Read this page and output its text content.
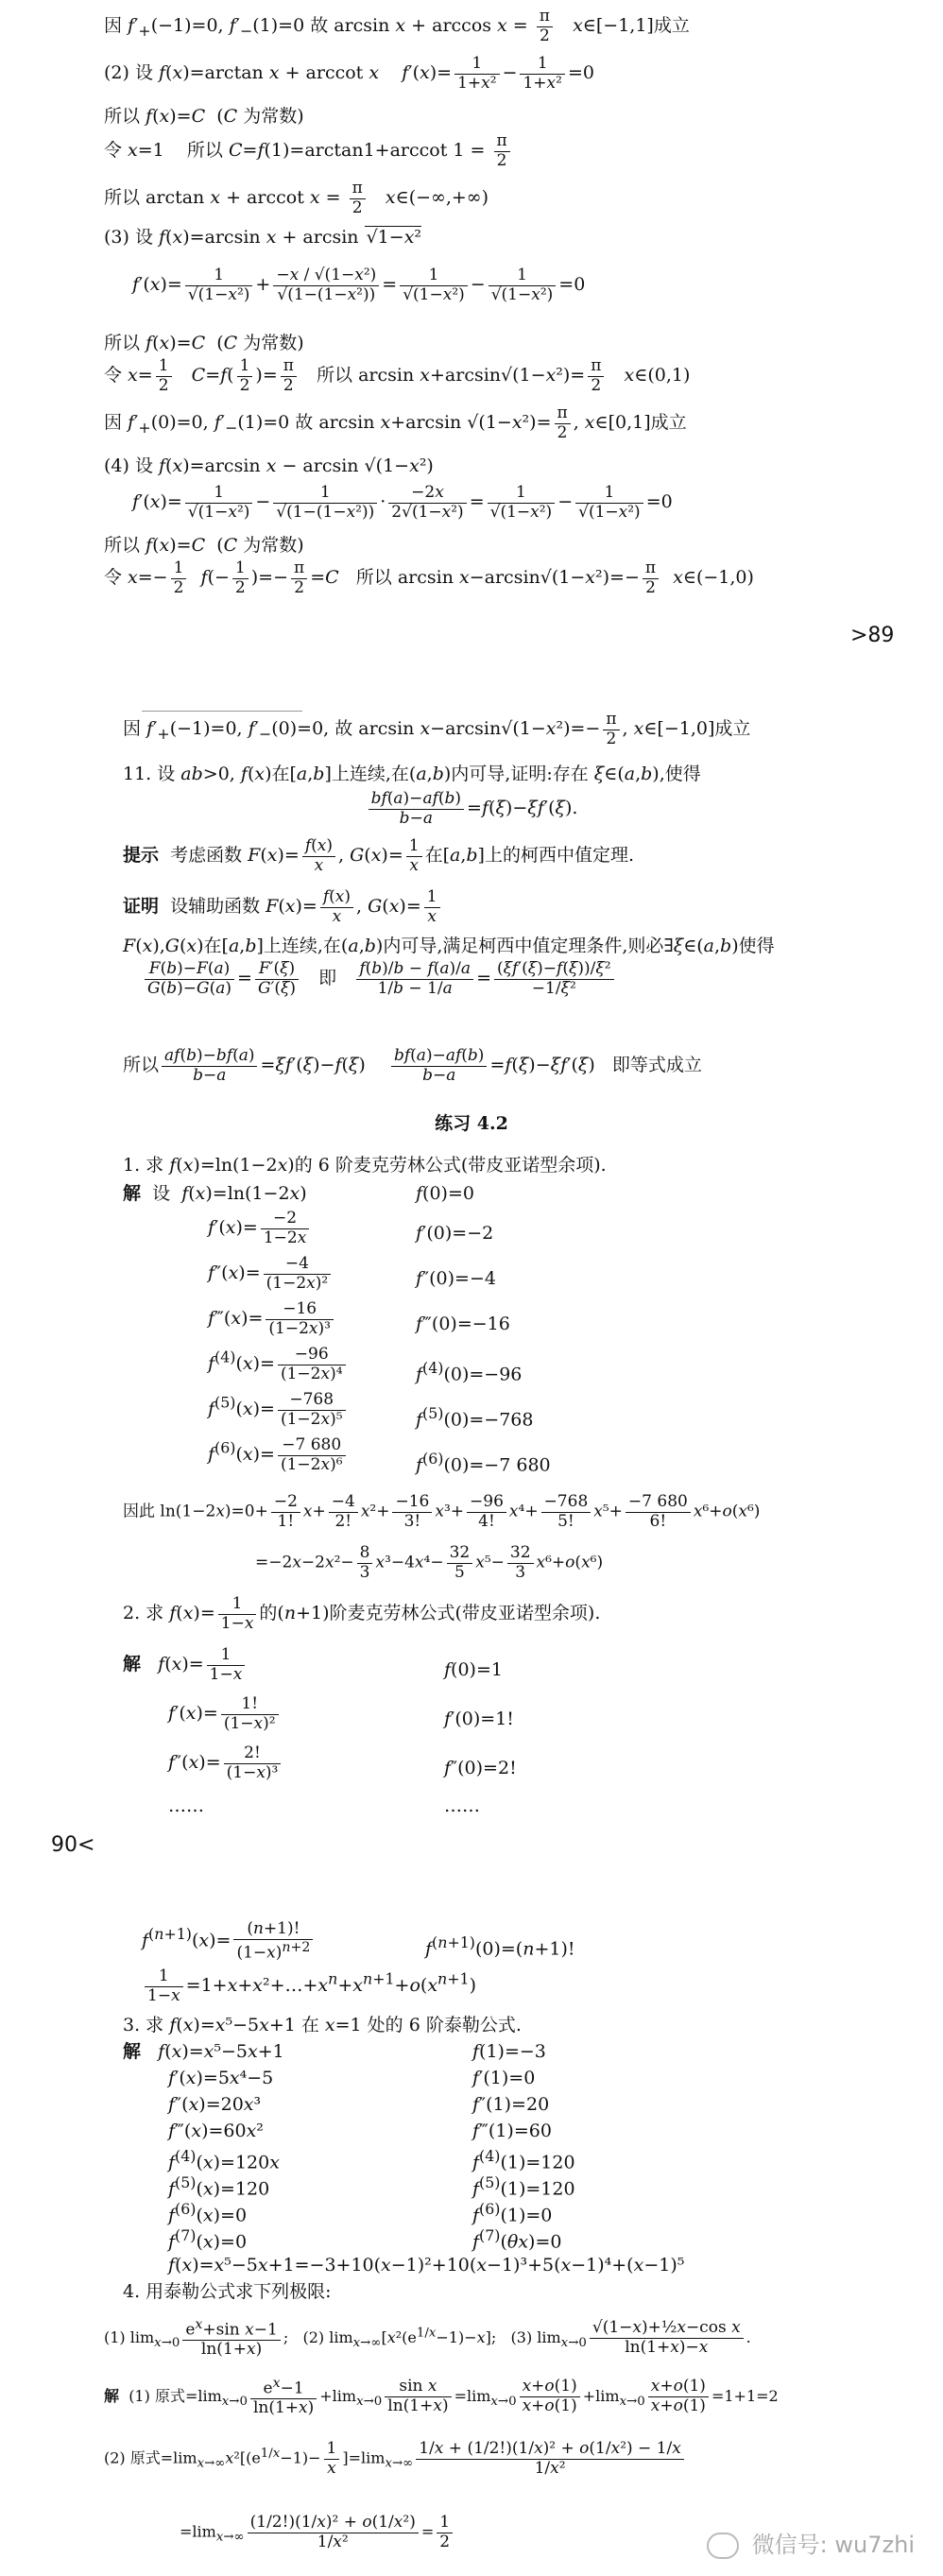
因 $f'_+(-1)=0$, $f'_-(1)=0$ 故 $\arcsin x + \arccos x = \frac{\pi}{2}$ x∈[−1,1]成立
(2) 设 f(x)=arctan x + arccot x $f'(x)= \frac{1}{\text{1+x²}} - \frac{1}{\text{1+x²}} =0$
所以 f(x)=C  (C 为常数)
令 x=1    所以 C=f(1)=arctan1+arccot $1 = \frac{\pi}{2}$
所以 arctan x + arccot $x = \frac{\pi}{2}$ x∈(−∞,+∞)
(3) 设 f(x)=arcsin x + arcsin √1−x²
$f'(x)= \frac{1}{\text{√(1−x²)}} + \frac{\text{−x / √(1−x²)}}{\text{√(1−(1−x²))}} = \frac{1}{\text{√(1−x²)}} - \frac{1}{\text{√(1−x²)}} =0$
所以 f(x)=C  (C 为常数)
令 $x= \frac{1}{2} C=f( \frac{1}{2}$ )= $\frac{\pi}{2}$ 所以 $\arcsin x+\arcsin√(1-x^2)= \frac{\pi}{2}$ x∈(0,1)
因 $f'_+(0)=0$, $f'_-(1)=0$ 故 arcsin x+arcsin $√(1-x^2)= \frac{\pi}{2}$ , x∈[0,1]成立
(4) 设 f(x)=arcsin x − arcsin √(1−x²)
$f'(x)= \frac{1}{\text{√(1−x²)}} - \frac{1}{\text{√(1−(1−x²))}} \cdot \frac{-2x}{\text{2√(1−x²)}} = \frac{1}{\text{√(1−x²)}} - \frac{1}{\text{√(1−x²)}} =0$
所以 f(x)=C  (C 为常数)
令 $x=- \frac{1}{2} f(- \frac{1}{2}$ )=− $\frac{\pi}{2} =C$   所以 $\arcsin x-\arcsin√(1-x^2)=- \frac{\pi}{2}$ x∈(−1,0)
>89
因 $f'_+(-1)=0$, $f'_-(0)=0$, 故 $\arcsin x-\arcsin√(1-x^2)=- \frac{\pi}{2}$ , x∈[−1,0]成立
11. 设 ab>0, f(x)在[a,b]上连续,在(a,b)内可导,证明:存在 ξ∈(a,b),使得
$\frac{bf(a)-af(b)}{b-a} =f(\xi)-\xi f'(\xi)$.
提示  考虑函数 $F(x)= \frac{f(x)}{x}$ , $G(x)= \frac{1}{x}$ 在[a,b]上的柯西中值定理.
证明  设辅助函数 $F(x)= \frac{f(x)}{x}$ , $G(x)= \frac{1}{x}$
F(x),G(x)在[a,b]上连续,在(a,b)内可导,满足柯西中值定理条件,则必∃ξ∈(a,b)使得
$\frac{F(b)-F(a)}{G(b)-G(a)} = \frac{F'(\xi)}{G'(\xi)}$ 即 $\frac{f(b)/b - f(a)/a}{1/b - 1/a} = \frac{\text{(ξf′(ξ)−f(ξ))/ξ²}}{\text{−1/ξ²}}$
所以 $\frac{af(b)-bf(a)}{b-a} =\xi f'(\xi)-f(\xi) \frac{bf(a)-af(b)}{b-a} =f(\xi)-\xi f'(\xi)$   即等式成立
练习 4.2
1. 求 f(x)=ln(1−2x)的 6 阶麦克劳林公式(带皮亚诺型余项).
解  设  f(x)=ln(1−2x)	f(0)=0
$f'(x)= \frac{-2}{1-2x}$	f′(0)=−2
$f''(x)= \frac{-4}{\text{(1−2x)²}}$	f″(0)=−4
f‴(x)= $\frac{-16}{\text{(1−2x)³}}$	f‴(0)=−16
$f^{(4)}(x)= \frac{-96}{\text{(1−2x)⁴}}$	$f^{(4)}(0)=-96$
$f^{(5)}(x)= \frac{-768}{\text{(1−2x)⁵}}$	$f^{(5)}(0)=-768$
$f^{(6)}(x)= \frac{-7 680}{\text{(1−2x)⁶}}$	$f^{(6)}(0)=-7$ 680
因此 $\ln(1-2x)=0+ \frac{-2}{1!} x+ \frac{-4}{2!} x^2+ \frac{-16}{3!} x^3+ \frac{-96}{4!} x^4+ \frac{-768}{5!} x^5+ \frac{-7 680}{6!} x^6+o(x^6)$
$=-2x-2x^2- \frac{8}{3} x^3-4x^4- \frac{32}{5} x^5- \frac{32}{3} x^6+o(x^6)$
2. 求 $f(x)= \frac{1}{1-x}$ 的(n+1)阶麦克劳林公式(带皮亚诺型余项).
解 $f(x)= \frac{1}{1-x}$	f(0)=1
$f'(x)= \frac{1!}{\text{(1−x)²}}$	f′(0)=1!
$f''(x)= \frac{2!}{\text{(1−x)³}}$	f″(0)=2!
……	……
90<
$f^{(n+1)}(x)= \frac{(n+1)!}{(1-x)^{n+2}}$	$f^{(n+1)}(0)=(n+1)$!
$\frac{1}{1-x}$ $=1+x+x^2+\dots+x^n+x^{n+1}+o(x^{n+1})$
3. 求 f(x)=x⁵−5x+1 在 x=1 处的 6 阶泰勒公式.
解 f(x)=x⁵−5x+1	f(1)=−3
f′(x)=5x⁴−5	f′(1)=0
f″(x)=20x³	f″(1)=20
f‴(x)=60x²	f‴(1)=60
$f^{(4)}(x)=120x$	$f^{(4)}(1)=120$
$f^{(5)}(x)=120$	$f^{(5)}(1)=120$
$f^{(6)}(x)=0$	$f^{(6)}(1)=0$
$f^{(7)}(x)=0$	$f^{(7)}(\theta x)=0$
f(x)=x⁵−5x+1=−3+10(x−1)²+10(x−1)³+5(x−1)⁴+(x−1)⁵
4. 用泰勒公式求下列极限:
(1) $\lim_{x\to 0} \frac{e^x+\sin x-1}{\ln(1+x)}$ ;   (2) $\lim_{x\to\infty}[x^2(e^{1/x}-1)-x]$;   (3) $\lim_{x\to 0} \frac{\text{√(1−x)+½x−cos x}}{\ln(1+x)-x}$ .
解  (1) 原式$=\lim_{x\to 0} \frac{e^x-1}{\ln(1+x)} +\lim_{x\to 0} \frac{\text{sin x}}{\ln(1+x)} =\lim_{x\to 0} \frac{x+o(1)}{x+o(1)} +\lim_{x\to 0} \frac{x+o(1)}{x+o(1)} =1+1=2$
(2) 原式$=\lim_{x\to\infty}x^2[(e^{1/x}-1)- \frac{1}{x} ]=\lim_{x\to\infty} \frac{\text{1/x + (1/2!)(1/x)² + o(1/x²) − 1/x}}{\text{1/x²}}$
$=\lim_{x\to\infty} \frac{\text{(1/2!)(1/x)² + o(1/x²)}}{\text{1/x²}} = \frac{1}{2}$	微信号: wu7zhi
